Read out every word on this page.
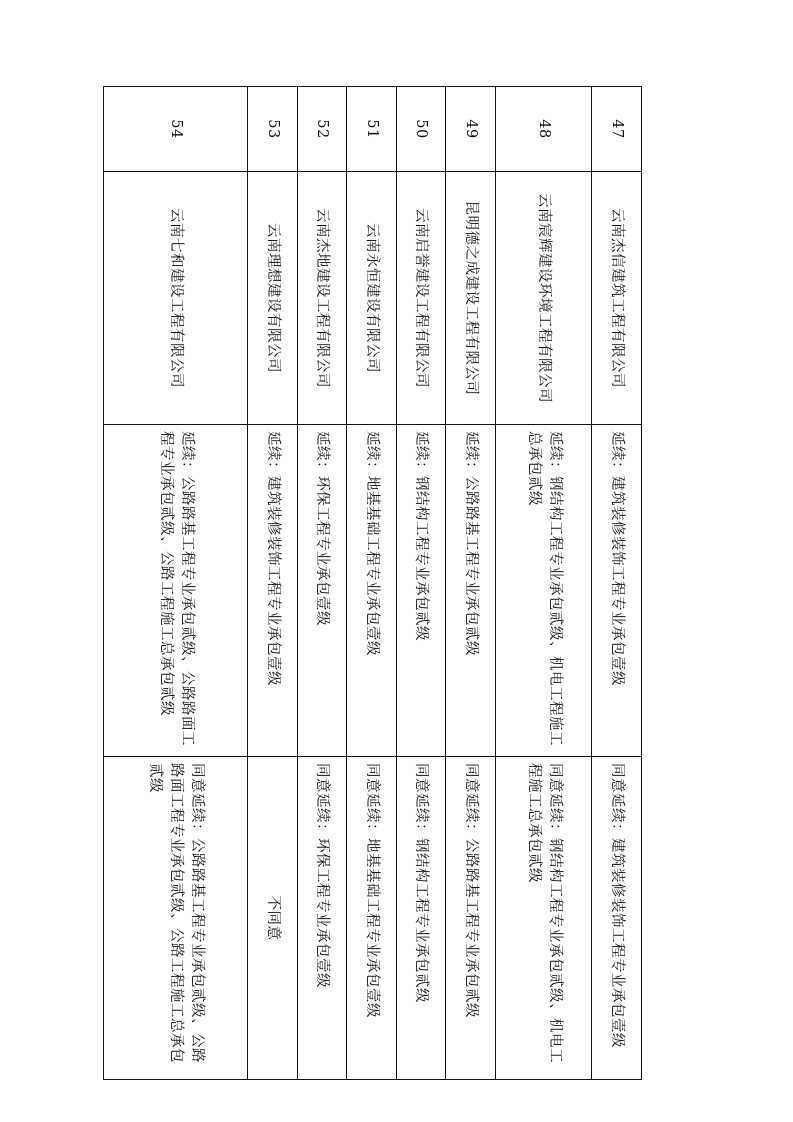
47	云南杰信建筑工程有限公司	延续：建筑装修装饰工程专业承包壹级	同意延续：建筑装修装饰工程专业承包壹级
48	云南宸辉建设环境工程有限公司	延续：钢结构工程专业承包贰级、机电工程施工总承包贰级	同意延续：钢结构工程专业承包贰级、机电工程施工总承包贰级
49	昆明德之成建设工程有限公司	延续：公路路基工程专业承包贰级	同意延续：公路路基工程专业承包贰级
50	云南启誉建设工程有限公司	延续：钢结构工程专业承包贰级	同意延续：钢结构工程专业承包贰级
51	云南永恒建设有限公司	延续：地基基础工程专业承包壹级	同意延续：地基基础工程专业承包壹级
52	云南杰地建设工程有限公司	延续：环保工程专业承包壹级	同意延续：环保工程专业承包壹级
53	云南理想建设有限公司	延续：建筑装修装饰工程专业承包壹级	不同意
54	云南七和建设工程有限公司	延续：公路路基工程专业承包贰级、公路路面工程专业承包贰级、公路工程施工总承包贰级	同意延续：公路路基工程专业承包贰级、公路路面工程专业承包贰级、公路工程施工总承包贰级
